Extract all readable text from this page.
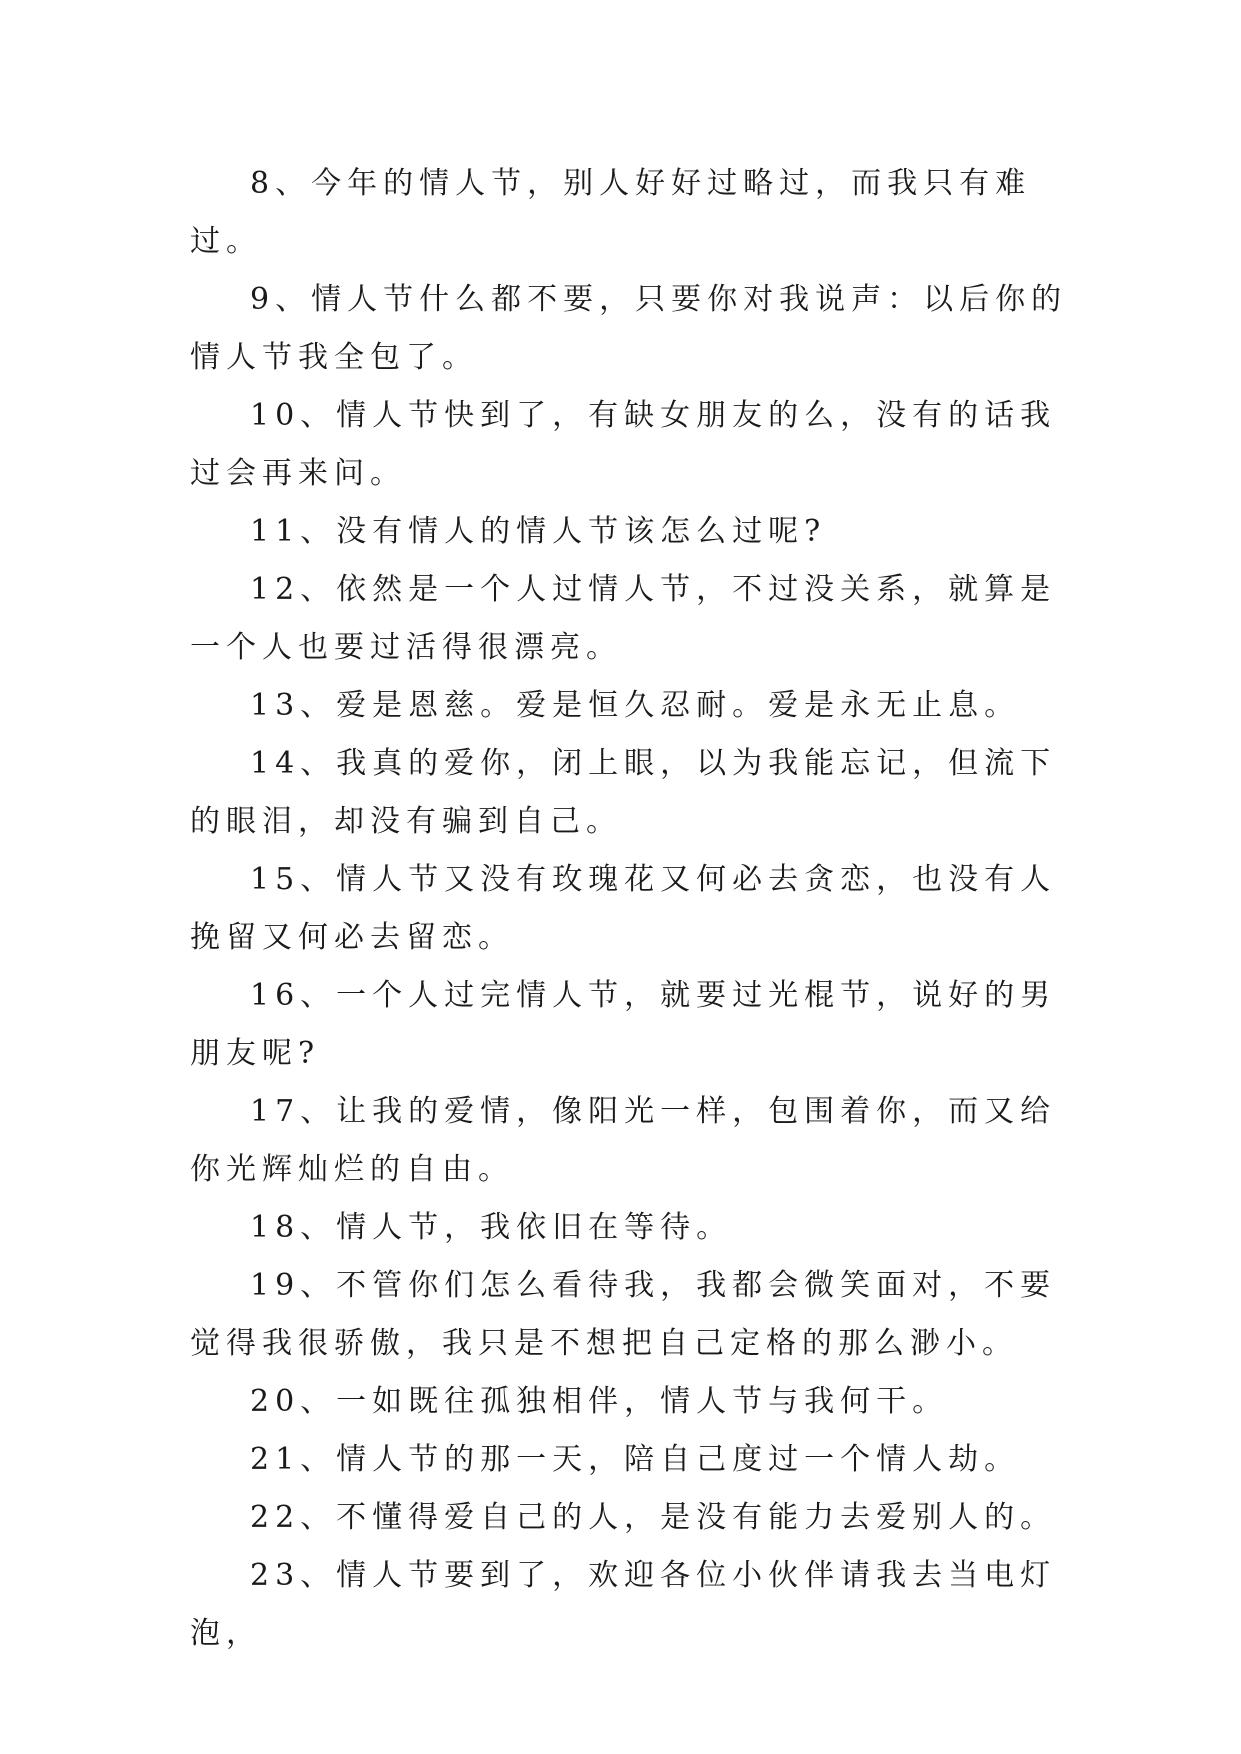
8、今年的情人节，别人好好过略过，而我只有难过。

9、情人节什么都不要，只要你对我说声：以后你的情人节我全包了。

10、情人节快到了，有缺女朋友的么，没有的话我过会再来问。

11、没有情人的情人节该怎么过呢?

12、依然是一个人过情人节，不过没关系，就算是一个人也要过活得很漂亮。

13、爱是恩慈。爱是恒久忍耐。爱是永无止息。

14、我真的爱你，闭上眼，以为我能忘记，但流下的眼泪，却没有骗到自己。

15、情人节又没有玫瑰花又何必去贪恋，也没有人挽留又何必去留恋。

16、一个人过完情人节，就要过光棍节，说好的男朋友呢?

17、让我的爱情，像阳光一样，包围着你，而又给你光辉灿烂的自由。

18、情人节，我依旧在等待。

19、不管你们怎么看待我，我都会微笑面对，不要觉得我很骄傲，我只是不想把自己定格的那么渺小。

20、一如既往孤独相伴，情人节与我何干。

21、情人节的那一天，陪自己度过一个情人劫。

22、不懂得爱自己的人，是没有能力去爱别人的。

23、情人节要到了，欢迎各位小伙伴请我去当电灯泡，
